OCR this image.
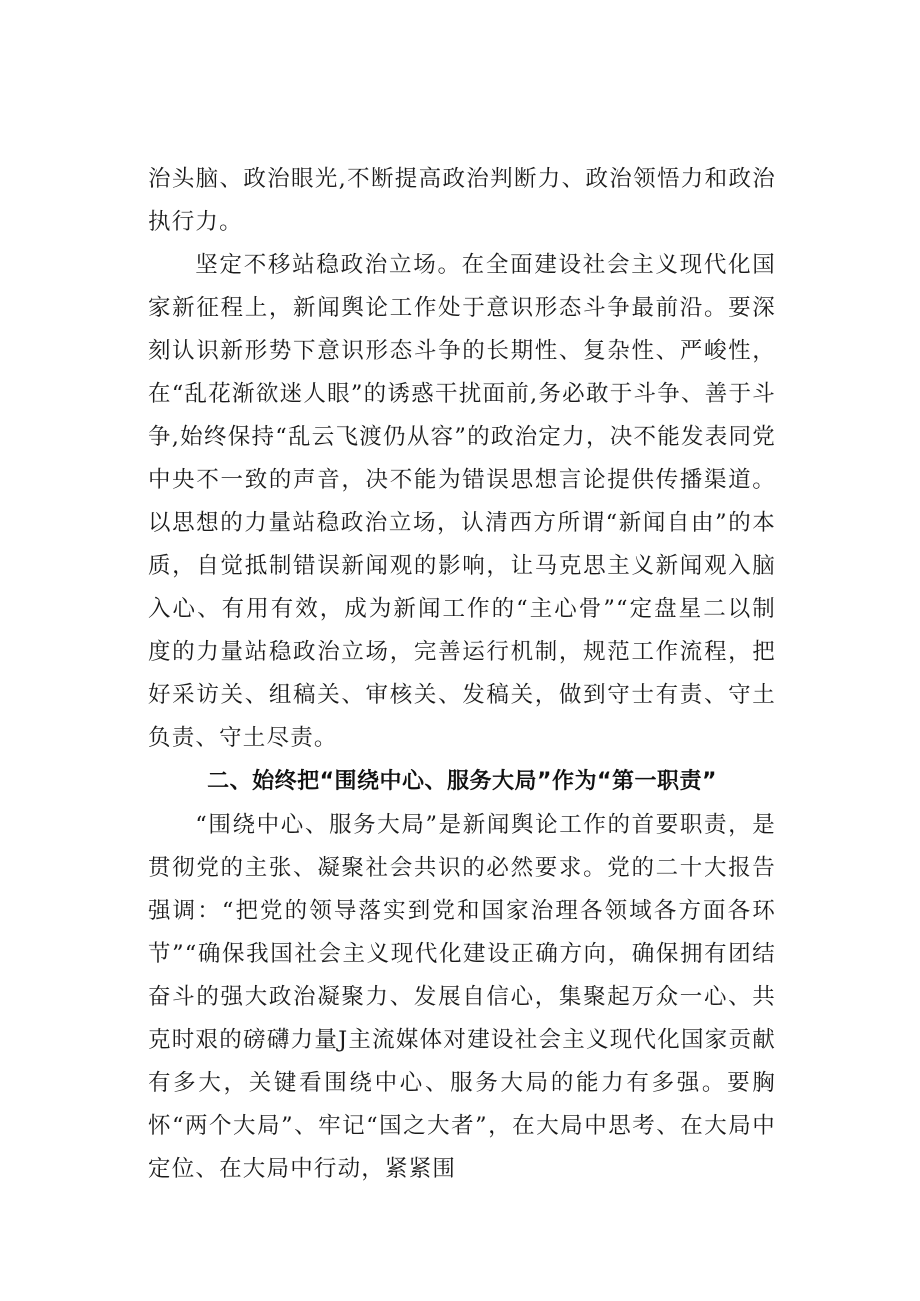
治头脑、政治眼光,不断提高政治判断力、政治领悟力和政治执行力。

坚定不移站稳政治立场。在全面建设社会主义现代化国家新征程上，新闻舆论工作处于意识形态斗争最前沿。要深刻认识新形势下意识形态斗争的长期性、复杂性、严峻性，在“乱花渐欲迷人眼”的诱惑干扰面前,务必敢于斗争、善于斗争,始终保持“乱云飞渡仍从容”的政治定力，决不能发表同党中央不一致的声音，决不能为错误思想言论提供传播渠道。以思想的力量站稳政治立场，认清西方所谓“新闻自由”的本质，自觉抵制错误新闻观的影响，让马克思主义新闻观入脑入心、有用有效，成为新闻工作的“主心骨”“定盘星二以制度的力量站稳政治立场，完善运行机制，规范工作流程，把好采访关、组稿关、审核关、发稿关，做到守士有责、守土负责、守土尽责。

二、始终把“围绕中心、服务大局”作为“第一职责”

“围绕中心、服务大局”是新闻舆论工作的首要职责，是贯彻党的主张、凝聚社会共识的必然要求。党的二十大报告强调：“把党的领导落实到党和国家治理各领域各方面各环节”“确保我国社会主义现代化建设正确方向，确保拥有团结奋斗的强大政治凝聚力、发展自信心，集聚起万众一心、共克时艰的磅礴力量J主流媒体对建设社会主义现代化国家贡献有多大，关键看围绕中心、服务大局的能力有多强。要胸怀“两个大局”、牢记“国之大者”，在大局中思考、在大局中定位、在大局中行动，紧紧围
